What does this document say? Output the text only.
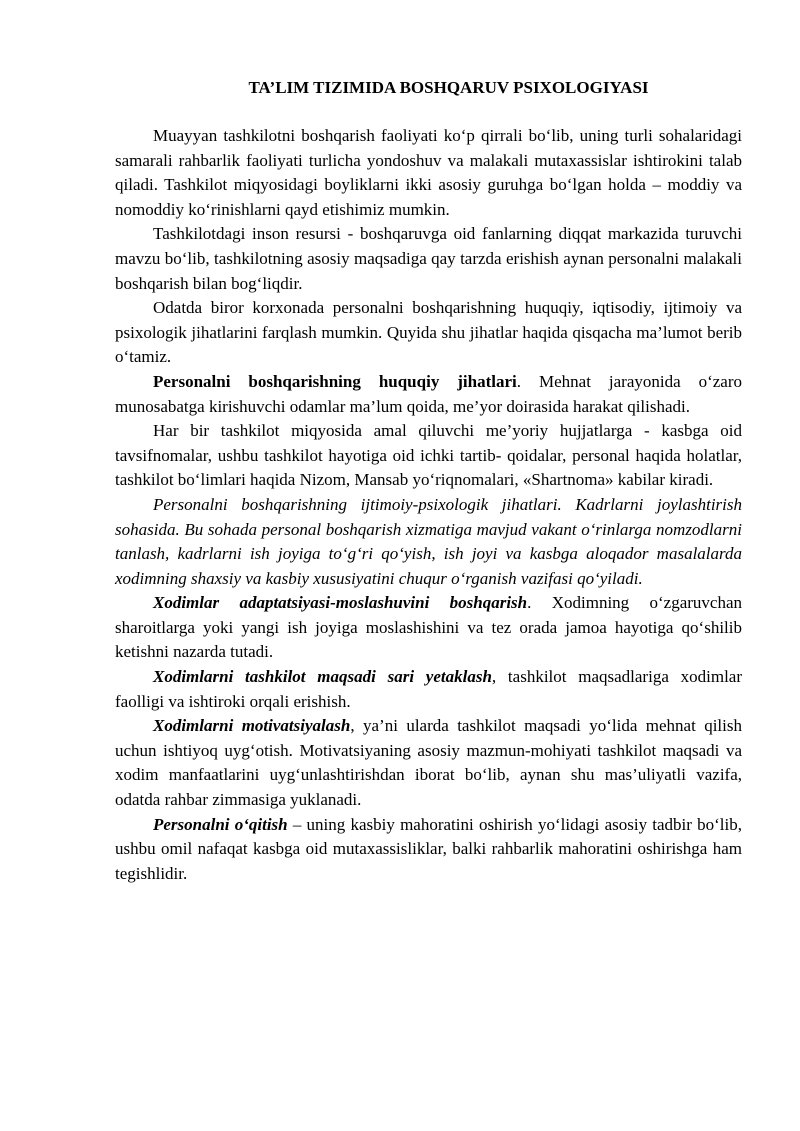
TA’LIM TIZIMIDA BOSHQARUV PSIXOLOGIYASI

Muayyan tashkilotni boshqarish faoliyati ko‘p qirrali bo‘lib, uning turli sohalaridagi samarali rahbarlik faoliyati turlicha yondoshuv va malakali mutaxassislar ishtirokini talab qiladi. Tashkilot miqyosidagi boyliklarni ikki asosiy guruhga bo‘lgan holda – moddiy va nomoddiy ko‘rinishlarni qayd etishimiz mumkin.

Tashkilotdagi inson resursi - boshqaruvga oid fanlarning diqqat markazida turuvchi mavzu bo‘lib, tashkilotning asosiy maqsadiga qay tarzda erishish aynan personalni malakali boshqarish bilan bog‘liqdir.

Odatda biror korxonada personalni boshqarishning huquqiy, iqtisodiy, ijtimoiy va psixologik jihatlarini farqlash mumkin. Quyida shu jihatlar haqida qisqacha ma’lumot berib o‘tamiz.

Personalni boshqarishning huquqiy jihatlari. Mehnat jarayonida o‘zaro munosabatga kirishuvchi odamlar ma’lum qoida, me’yor doirasida harakat qilishadi.

Har bir tashkilot miqyosida amal qiluvchi me’yoriy hujjatlarga - kasbga oid tavsifnomalar, ushbu tashkilot hayotiga oid ichki tartib- qoidalar, personal haqida holatlar, tashkilot bo‘limlari haqida Nizom, Mansab yo‘riqnomalari, «Shartnoma» kabilar kiradi.

Personalni boshqarishning ijtimoiy-psixologik jihatlari. Kadrlarni joylashtirish sohasida. Bu sohada personal boshqarish xizmatiga mavjud vakant o‘rinlarga nomzodlarni tanlash, kadrlarni ish joyiga to‘g‘ri qo‘yish, ish joyi va kasbga aloqador masalalarda xodimning shaxsiy va kasbiy xususiyatini chuqur o‘rganish vazifasi qo‘yiladi.

Xodimlar adaptatsiyasi-moslashuvini boshqarish. Xodimning o‘zgaruvchan sharoitlarga yoki yangi ish joyiga moslashishini va tez orada jamoa hayotiga qo‘shilib ketishni nazarda tutadi.

Xodimlarni tashkilot maqsadi sari yetaklash, tashkilot maqsadlariga xodimlar faolligi va ishtiroki orqali erishish.

Xodimlarni motivatsiyalash, ya’ni ularda tashkilot maqsadi yo‘lida mehnat qilish uchun ishtiyoq uyg‘otish. Motivatsiyaning asosiy mazmun-mohiyati tashkilot maqsadi va xodim manfaatlarini uyg‘unlashtirishdan iborat bo‘lib, aynan shu mas’uliyatli vazifa, odatda rahbar zimmasiga yuklanadi.

Personalni o‘qitish – uning kasbiy mahoratini oshirish yo‘lidagi asosiy tadbir bo‘lib, ushbu omil nafaqat kasbga oid mutaxassisliklar, balki rahbarlik mahoratini oshirishga ham tegishlidir.
